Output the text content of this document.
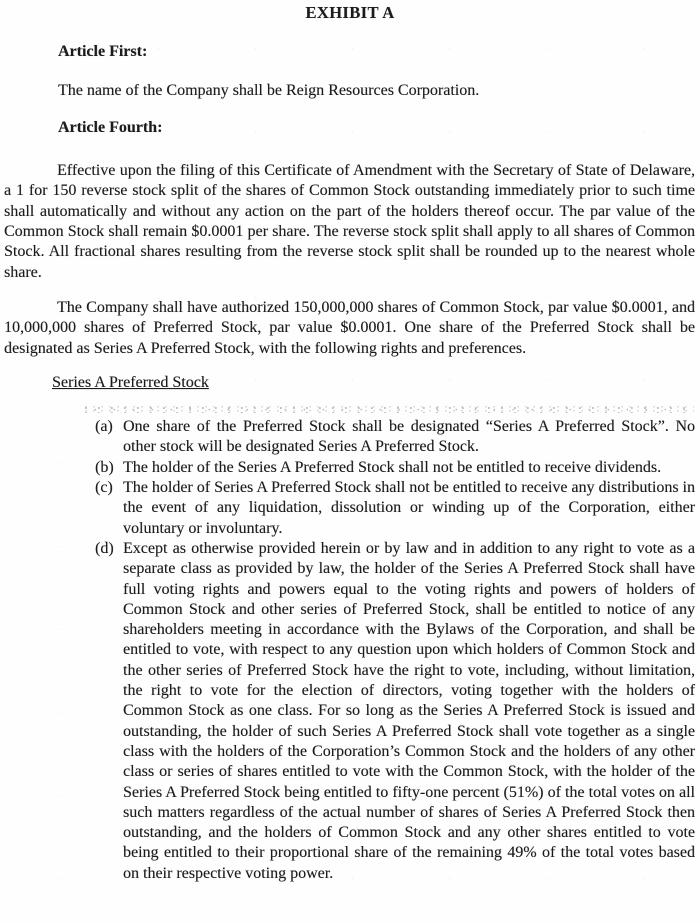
EXHIBIT A
Article First:
The name of the Company shall be Reign Resources Corporation.
Article Fourth:
Effective upon the filing of this Certificate of Amendment with the Secretary of State of Delaware, a 1 for 150 reverse stock split of the shares of Common Stock outstanding immediately prior to such time shall automatically and without any action on the part of the holders thereof occur. The par value of the Common Stock shall remain $0.0001 per share. The reverse stock split shall apply to all shares of Common Stock. All fractional shares resulting from the reverse stock split shall be rounded up to the nearest whole share.
The Company shall have authorized 150,000,000 shares of Common Stock, par value $0.0001, and 10,000,000 shares of Preferred Stock, par value $0.0001. One share of the Preferred Stock shall be designated as Series A Preferred Stock, with the following rights and preferences.
Series A Preferred Stock
(a) One share of the Preferred Stock shall be designated “Series A Preferred Stock”. No other stock will be designated Series A Preferred Stock.
(b) The holder of the Series A Preferred Stock shall not be entitled to receive dividends.
(c) The holder of Series A Preferred Stock shall not be entitled to receive any distributions in the event of any liquidation, dissolution or winding up of the Corporation, either voluntary or involuntary.
(d) Except as otherwise provided herein or by law and in addition to any right to vote as a separate class as provided by law, the holder of the Series A Preferred Stock shall have full voting rights and powers equal to the voting rights and powers of holders of Common Stock and other series of Preferred Stock, shall be entitled to notice of any shareholders meeting in accordance with the Bylaws of the Corporation, and shall be entitled to vote, with respect to any question upon which holders of Common Stock and the other series of Preferred Stock have the right to vote, including, without limitation, the right to vote for the election of directors, voting together with the holders of Common Stock as one class. For so long as the Series A Preferred Stock is issued and outstanding, the holder of such Series A Preferred Stock shall vote together as a single class with the holders of the Corporation’s Common Stock and the holders of any other class or series of shares entitled to vote with the Common Stock, with the holder of the Series A Preferred Stock being entitled to fifty-one percent (51%) of the total votes on all such matters regardless of the actual number of shares of Series A Preferred Stock then outstanding, and the holders of Common Stock and any other shares entitled to vote being entitled to their proportional share of the remaining 49% of the total votes based on their respective voting power.
